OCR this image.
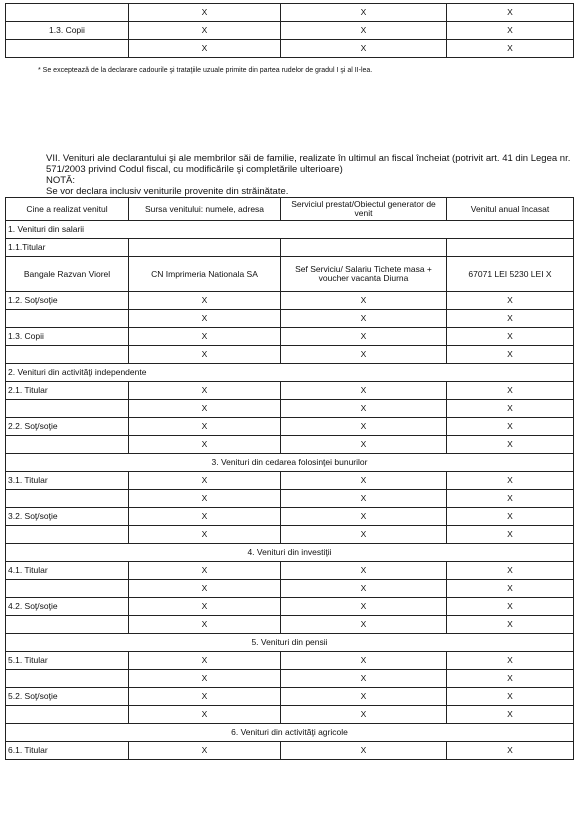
	X	X	X
1.3. Copii	X	X	X
	X	X	X
* Se exceptează de la declarare cadourile şi trataţiile uzuale primite din partea rudelor de gradul I şi al II-lea.
VII. Venituri ale declarantului şi ale membrilor săi de familie, realizate în ultimul an fiscal încheiat (potrivit art. 41 din Legea nr. 571/2003 privind Codul fiscal, cu modificările şi completările ulterioare)
NOTĂ:
Se vor declara inclusiv veniturile provenite din străinătate.
Cine a realizat venitul	Sursa venitului: numele, adresa	Serviciul prestat/Obiectul generator de venit	Venitul anual încasat
1. Venituri din salarii			
1.1.Titular			
Bangale Razvan Viorel	CN Imprimeria Nationala SA	Sef Serviciu/ Salariu Tichete masa + voucher vacanta Diurna	67071 LEI 5230 LEI X
1.2. Soţ/soţie	X	X	X
	X	X	X
1.3. Copii	X	X	X
	X	X	X
2. Venituri din activităţi independente			
2.1. Titular	X	X	X
	X	X	X
2.2. Soţ/soţie	X	X	X
	X	X	X
3. Venituri din cedarea folosinţei bunurilor			
3.1. Titular	X	X	X
	X	X	X
3.2. Soţ/soţie	X	X	X
	X	X	X
4. Venituri din investiţii			
4.1. Titular	X	X	X
	X	X	X
4.2. Soţ/soţie	X	X	X
	X	X	X
5. Venituri din pensii			
5.1. Titular	X	X	X
	X	X	X
5.2. Soţ/soţie	X	X	X
	X	X	X
6. Venituri din activităţi agricole			
6.1. Titular	X	X	X
